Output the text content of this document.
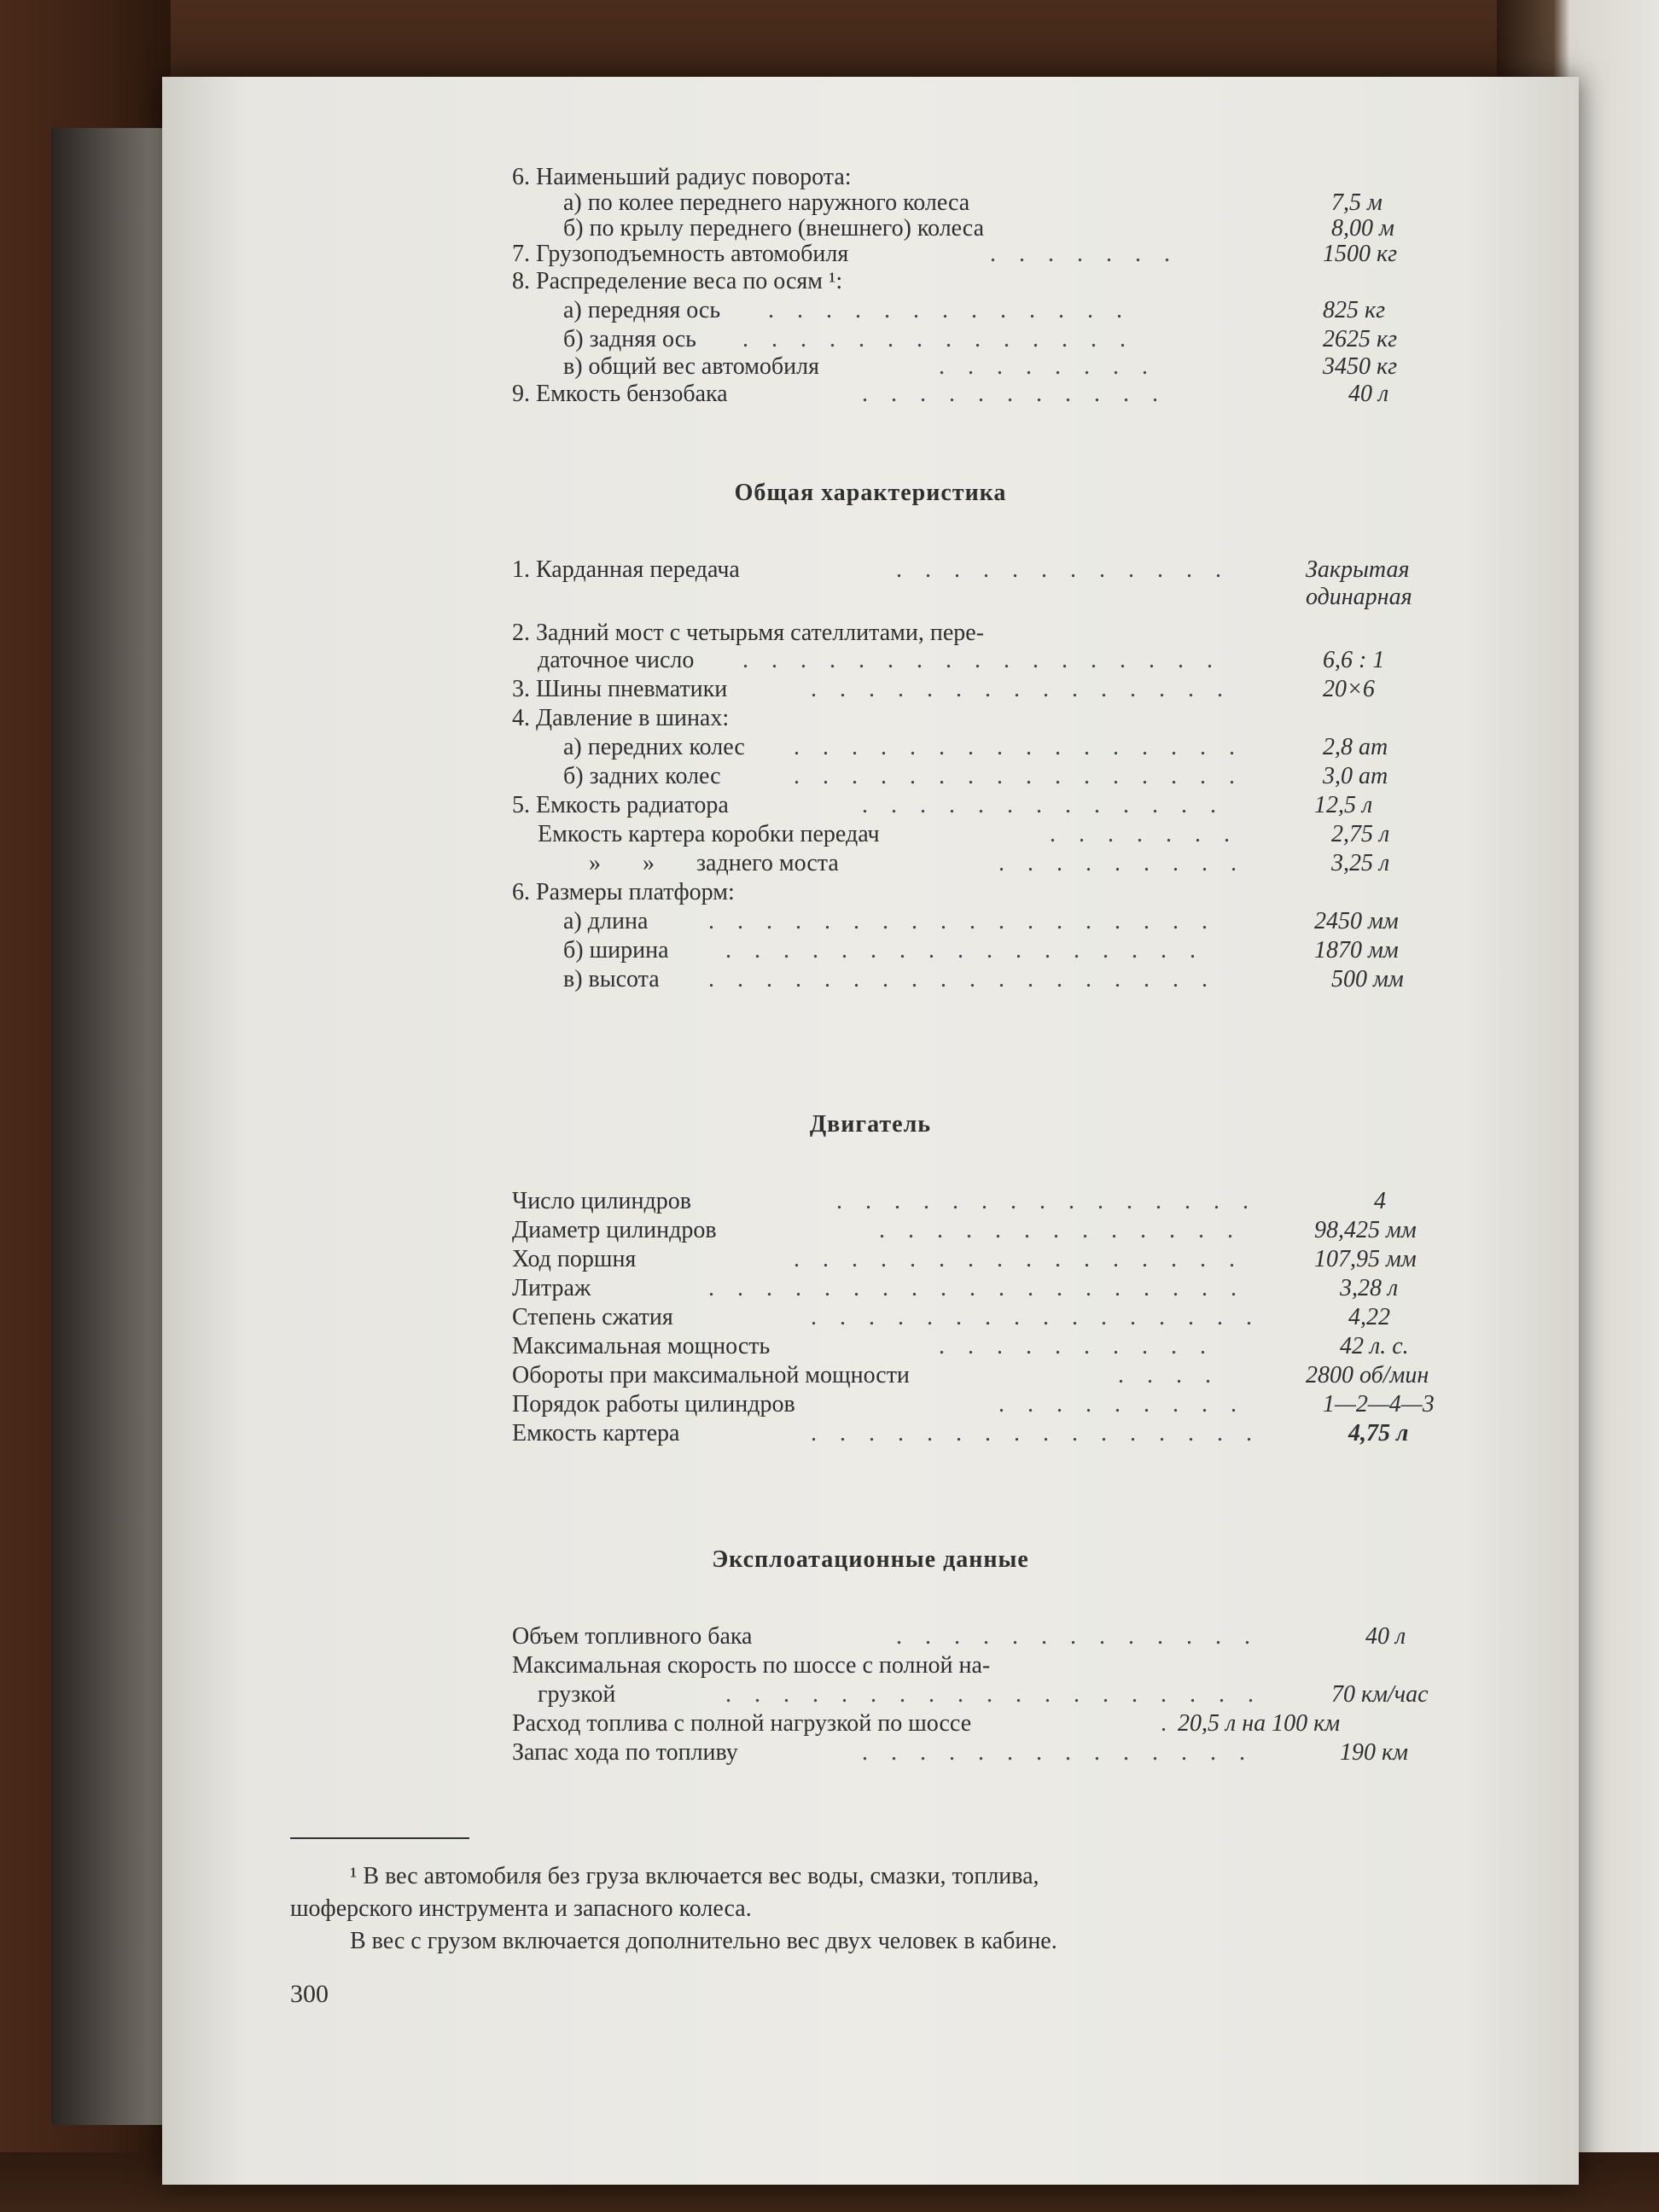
6. Наименьший радиус поворота:
а) по колее переднего наружного колеса	7,5 м
б) по крылу переднего (внешнего) колеса	8,00 м
7. Грузоподъемность автомобиля	. . . . . . .	1500 кг
8. Распределение веса по осям ¹:
а) передняя ось . . . . . . . . . . . . .	825 кг
б) задняя ось . . . . . . . . . . . . . .	2625 кг
в) общий вес автомобиля	. . . . . . . .	3450 кг
9. Емкость бензобака	. . . . . . . . . . .	40 л
Общая характеристика
1. Карданная передача	. . . . . . . . . . . .	Закрытая
одинарная
2. Задний мост с четырьмя сателлитами, пере-
даточное число . . . . . . . . . . . . . . . . .	6,6 : 1
3. Шины пневматики	. . . . . . . . . . . . . . .	20×6
4. Давление в шинах:
а) передних колес . . . . . . . . . . . . . . . .	2,8 ат
б) задних колес	. . . . . . . . . . . . . . . .	3,0 ат
5. Емкость радиатора	. . . . . . . . . . . . .	12,5 л
Емкость картера коробки передач	. . . . . . .	2,75 л
»       »       заднего моста	. . . . . . . . .	3,25 л
6. Размеры платформ:
а) длина	. . . . . . . . . . . . . . . . . .	2450 мм
б) ширина . . . . . . . . . . . . . . . . .	1870 мм
в) высота . . . . . . . . . . . . . . . . . .	500 мм
Двигатель
Число цилиндров	. . . . . . . . . . . . . . .	4
Диаметр цилиндров	. . . . . . . . . . . . .	98,425 мм
Ход поршня	. . . . . . . . . . . . . . . .	107,95 мм
Литраж	. . . . . . . . . . . . . . . . . . .	3,28 л
Степень сжатия	. . . . . . . . . . . . . . . .	4,22
Максимальная мощность	. . . . . . . . . .	42 л. с.
Обороты при максимальной мощности	. . . .	2800 об/мин
Порядок работы цилиндров	. . . . . . . . .	1—2—4—3
Емкость картера	. . . . . . . . . . . . . . . .	4,75 л
Эксплоатационные данные
Объем топливного бака	. . . . . . . . . . . . .	40 л
Максимальная скорость по шоссе с полной на-
грузкой	. . . . . . . . . . . . . . . . . . .	70 км/час
Расход топлива с полной нагрузкой по шоссе	. 20,5 л на 100 км
Запас хода по топливу	. . . . . . . . . . . . . .	190 км
¹ В вес автомобиля без груза включается вес воды, смазки, топлива,
шоферского инструмента и запасного колеса.
В вес с грузом включается дополнительно вес двух человек в кабине.
300
